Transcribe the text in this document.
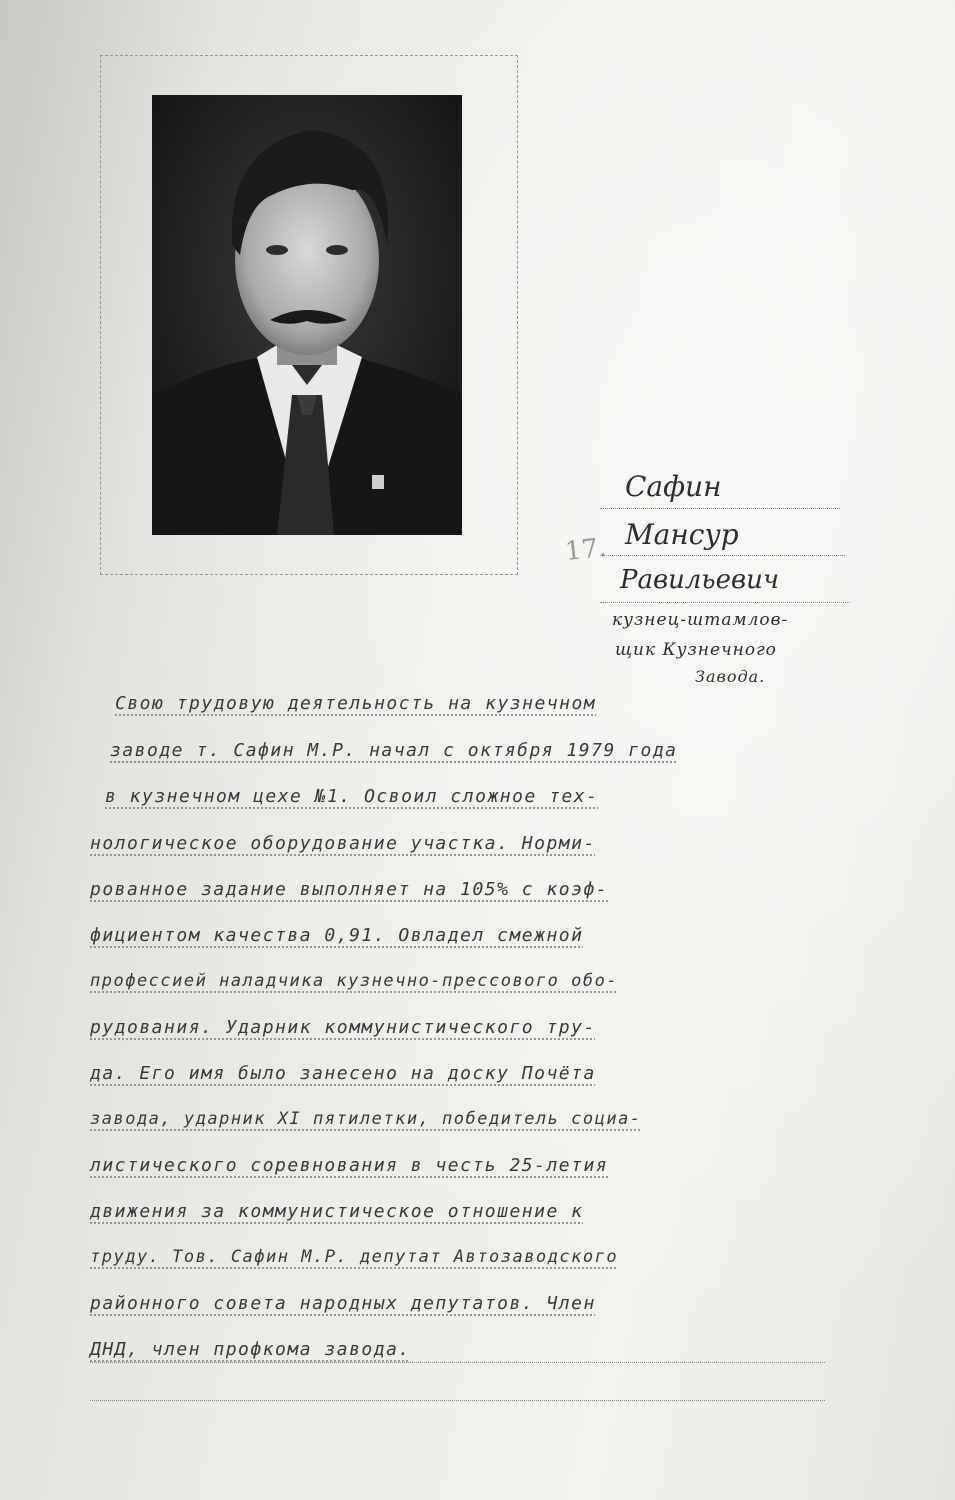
Сафин
17. Мансур
Равильевич
кузнец-штамлов-
щик Кузнечного
Завода.
Свою трудовую деятельность на кузнечном
заводе т. Сафин М.Р. начал с октября 1979 года
в кузнечном цехе №1. Освоил сложное тех-
нологическое оборудование участка. Норми-
рованное задание выполняет на 105% с коэф-
фициентом качества 0,91. Овладел смежной
профессией наладчика кузнечно-прессового обо-
рудования. Ударник коммунистического тру-
да. Его имя было занесено на доску Почёта
завода, ударник XI пятилетки, победитель социа-
листического соревнования в честь 25-летия
движения за коммунистическое отношение к
труду. Тов. Сафин М.Р. депутат Автозаводского
районного совета народных депутатов. Член
ДНД, член профкома завода.
